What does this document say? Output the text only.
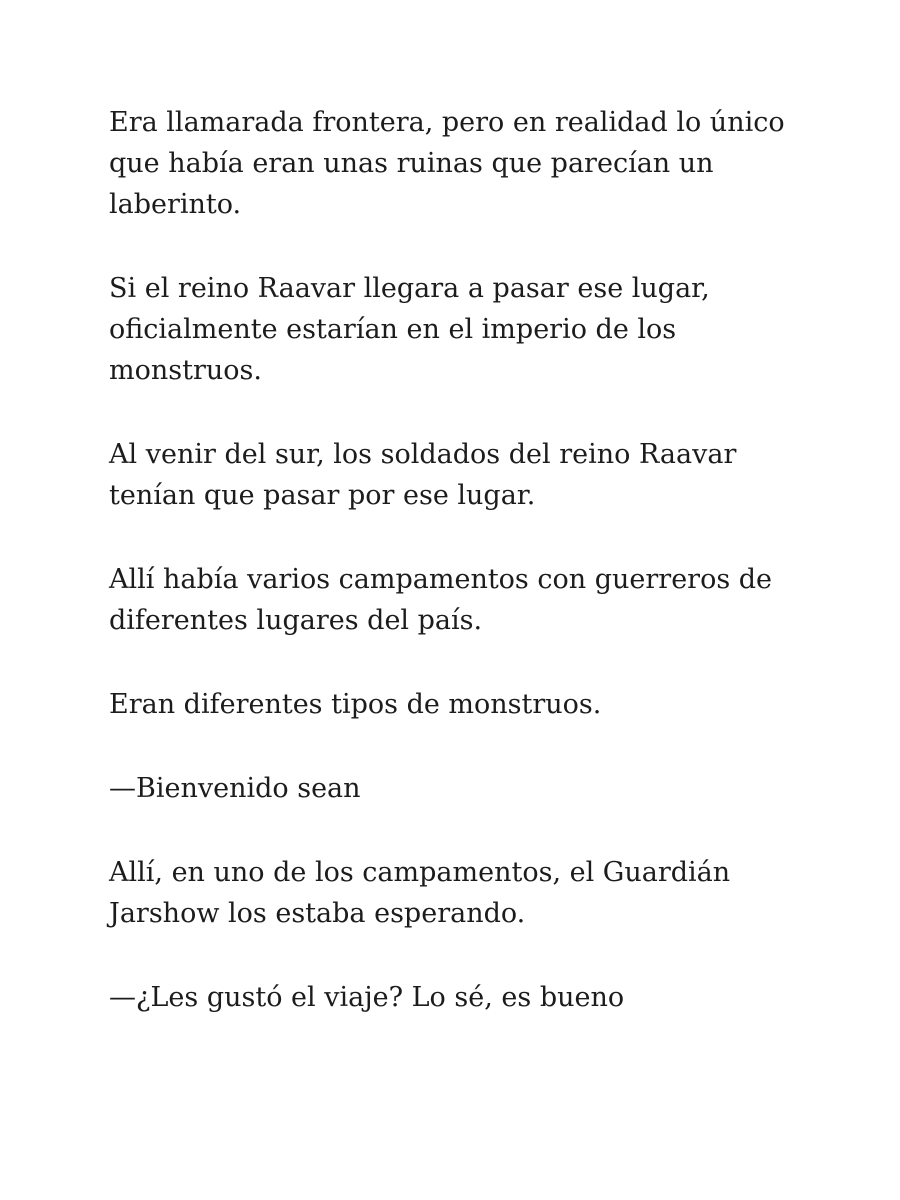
Era llamarada frontera, pero en realidad lo único que había eran unas ruinas que parecían un laberinto.

Si el reino Raavar llegara a pasar ese lugar, oficialmente estarían en el imperio de los monstruos.

Al venir del sur, los soldados del reino Raavar tenían que pasar por ese lugar.

Allí había varios campamentos con guerreros de diferentes lugares del país.

Eran diferentes tipos de monstruos.

—Bienvenido sean

Allí, en uno de los campamentos, el Guardián Jarshow los estaba esperando.

—¿Les gustó el viaje? Lo sé, es bueno
